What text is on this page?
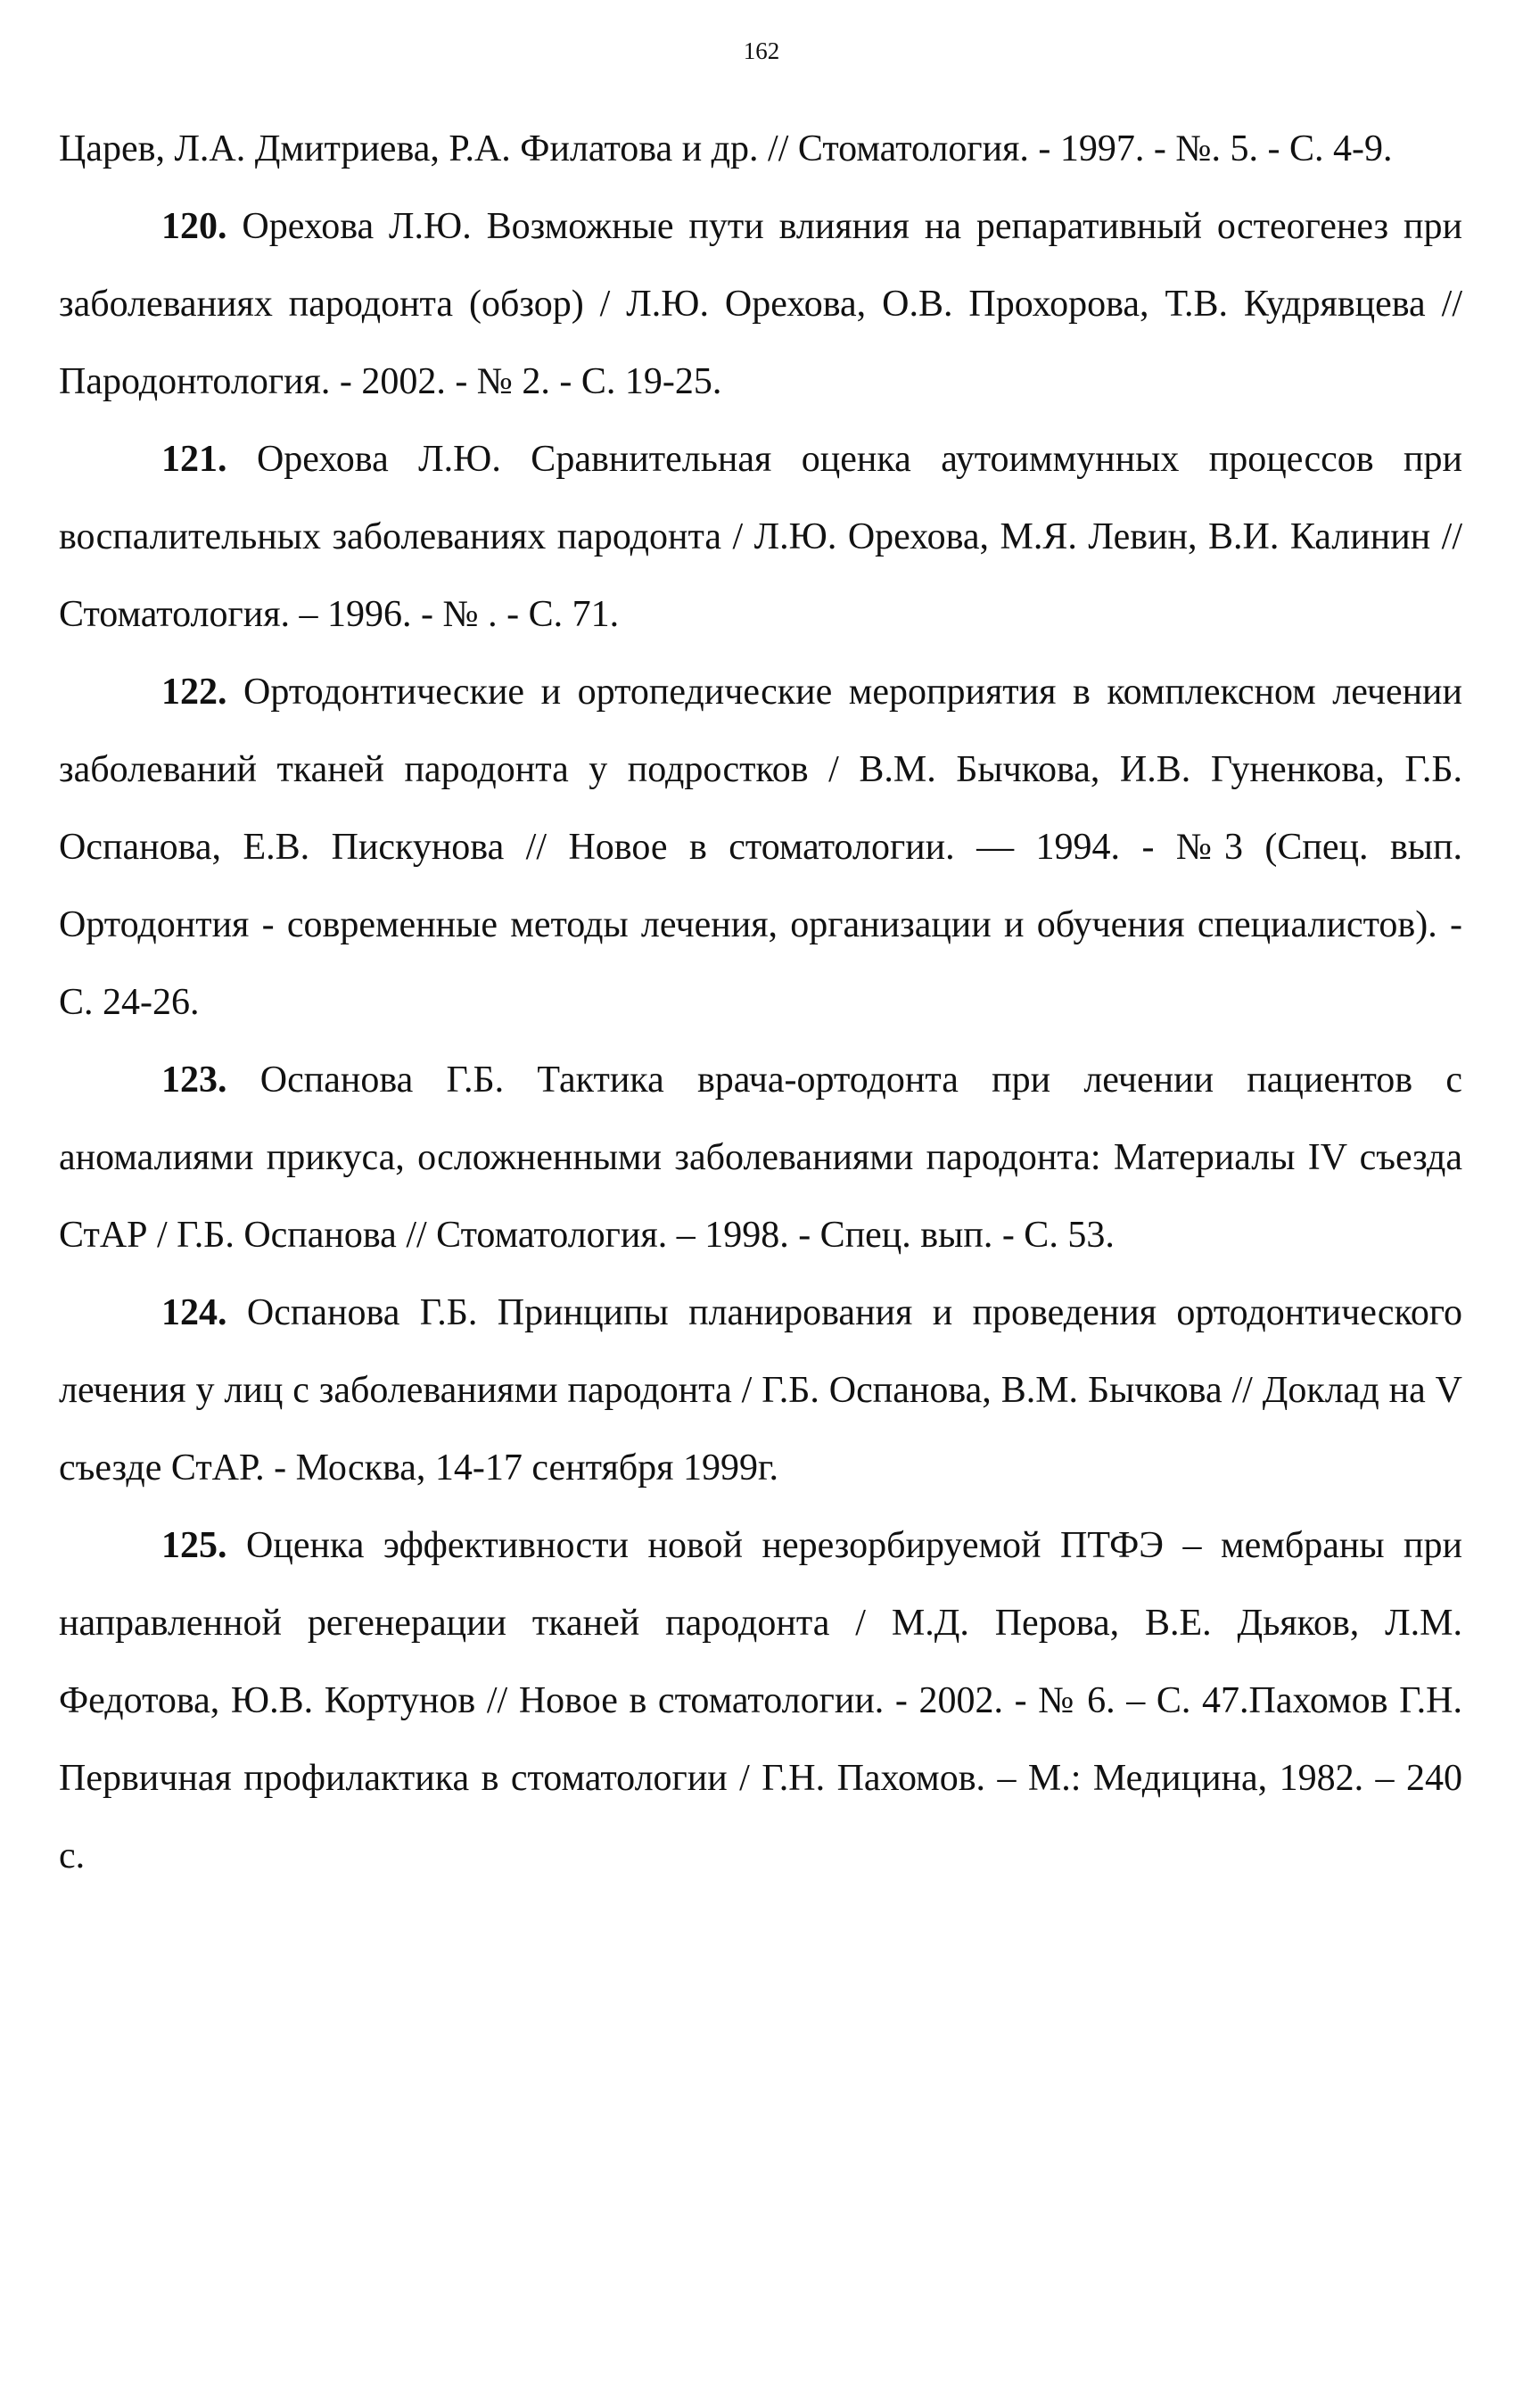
162

Царев, Л.А. Дмитриева, Р.А. Филатова и др. // Стоматология. - 1997. - №. 5. - С. 4-9.

120. Орехова Л.Ю. Возможные пути влияния на репаративный остеогенез при заболеваниях пародонта (обзор) / Л.Ю. Орехова, О.В. Прохорова, Т.В. Кудрявцева // Пародонтология. - 2002. - № 2. - С. 19-25.

121. Орехова Л.Ю. Сравнительная оценка аутоиммунных процессов при воспалительных заболеваниях пародонта / Л.Ю. Орехова, М.Я. Левин, В.И. Калинин // Стоматология. – 1996. - № . - С. 71.

122. Ортодонтические и ортопедические мероприятия в комплексном лечении заболеваний тканей пародонта у подростков / В.М. Бычкова, И.В. Гуненкова, Г.Б. Оспанова, Е.В. Пискунова // Новое в стоматологии. — 1994. - №3 (Спец. вып. Ортодонтия - современные методы лечения, организации и обучения специалистов). - С. 24-26.

123. Оспанова Г.Б. Тактика врача-ортодонта при лечении пациентов с аномалиями прикуса, осложненными заболеваниями пародонта: Материалы IV съезда СтАР / Г.Б. Оспанова // Стоматология. – 1998. - Спец. вып. - С. 53.

124. Оспанова Г.Б. Принципы планирования и проведения ортодонтического лечения у лиц с заболеваниями пародонта / Г.Б. Оспанова, В.М. Бычкова // Доклад на V съезде СтАР. - Москва, 14-17 сентября 1999г.

125. Оценка эффективности новой нерезорбируемой ПТФЭ – мембраны при направленной регенерации тканей пародонта / М.Д. Перова, В.Е. Дьяков, Л.М. Федотова, Ю.В. Кортунов // Новое в стоматологии. - 2002. - № 6. – С. 47.Пахомов Г.Н. Первичная профилактика в стоматологии / Г.Н. Пахомов. – М.: Медицина, 1982. – 240 с.
